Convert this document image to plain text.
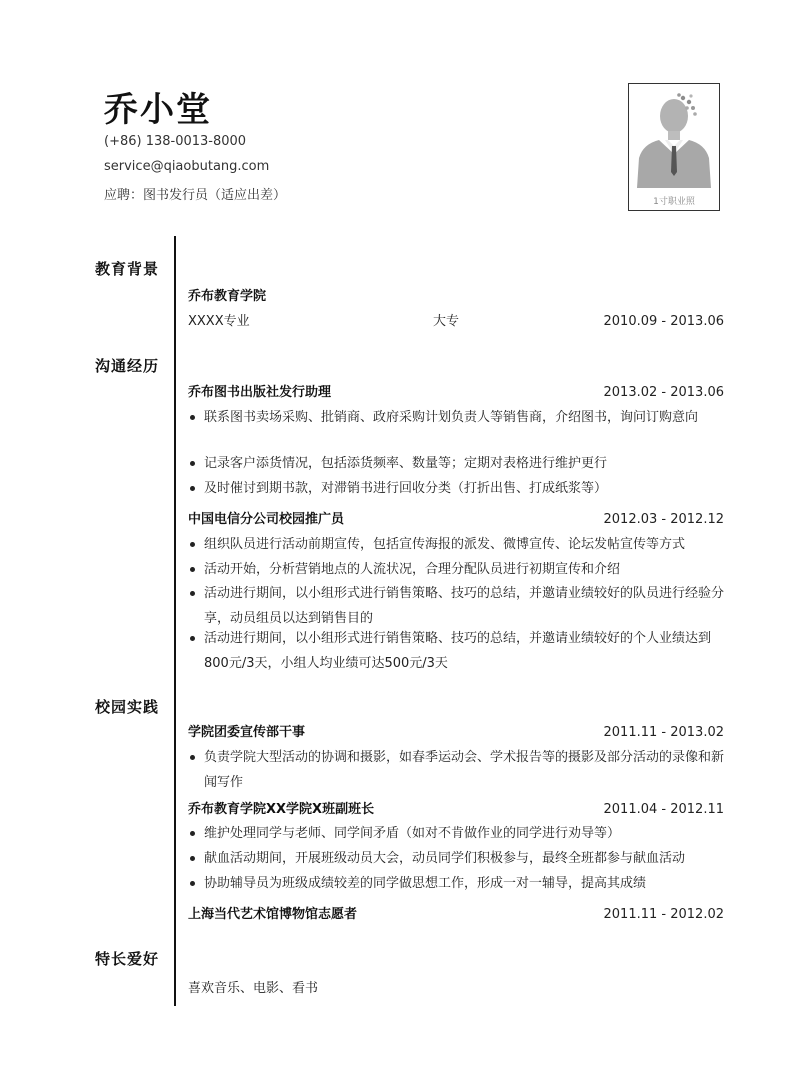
乔小堂
(+86) 138-0013-8000
service@qiaobutang.com
应聘：图书发行员（适应出差）	1寸职业照
教育背景
乔布教育学院
XXXX专业	大专	2010.09 - 2013.06
沟通经历
乔布图书出版社发行助理	2013.02 - 2013.06
联系图书卖场采购、批销商、政府采购计划负责人等销售商，介绍图书，询问订购意向
记录客户添货情况，包括添货频率、数量等；定期对表格进行维护更行
及时催讨到期书款，对滞销书进行回收分类（打折出售、打成纸浆等）
中国电信分公司校园推广员	2012.03 - 2012.12
组织队员进行活动前期宣传，包括宣传海报的派发、微博宣传、论坛发帖宣传等方式
活动开始，分析营销地点的人流状况，合理分配队员进行初期宣传和介绍
活动进行期间，以小组形式进行销售策略、技巧的总结，并邀请业绩较好的队员进行经验分享，动员组员以达到销售目的
活动进行期间，以小组形式进行销售策略、技巧的总结，并邀请业绩较好的个人业绩达到800元/3天，小组人均业绩可达500元/3天
校园实践
学院团委宣传部干事	2011.11 - 2013.02
负责学院大型活动的协调和摄影，如春季运动会、学术报告等的摄影及部分活动的录像和新闻写作
乔布教育学院XX学院X班副班长	2011.04 - 2012.11
维护处理同学与老师、同学间矛盾（如对不肯做作业的同学进行劝导等）
献血活动期间，开展班级动员大会，动员同学们积极参与，最终全班都参与献血活动
协助辅导员为班级成绩较差的同学做思想工作，形成一对一辅导，提高其成绩
上海当代艺术馆博物馆志愿者	2011.11 - 2012.02
特长爱好
喜欢音乐、电影、看书
